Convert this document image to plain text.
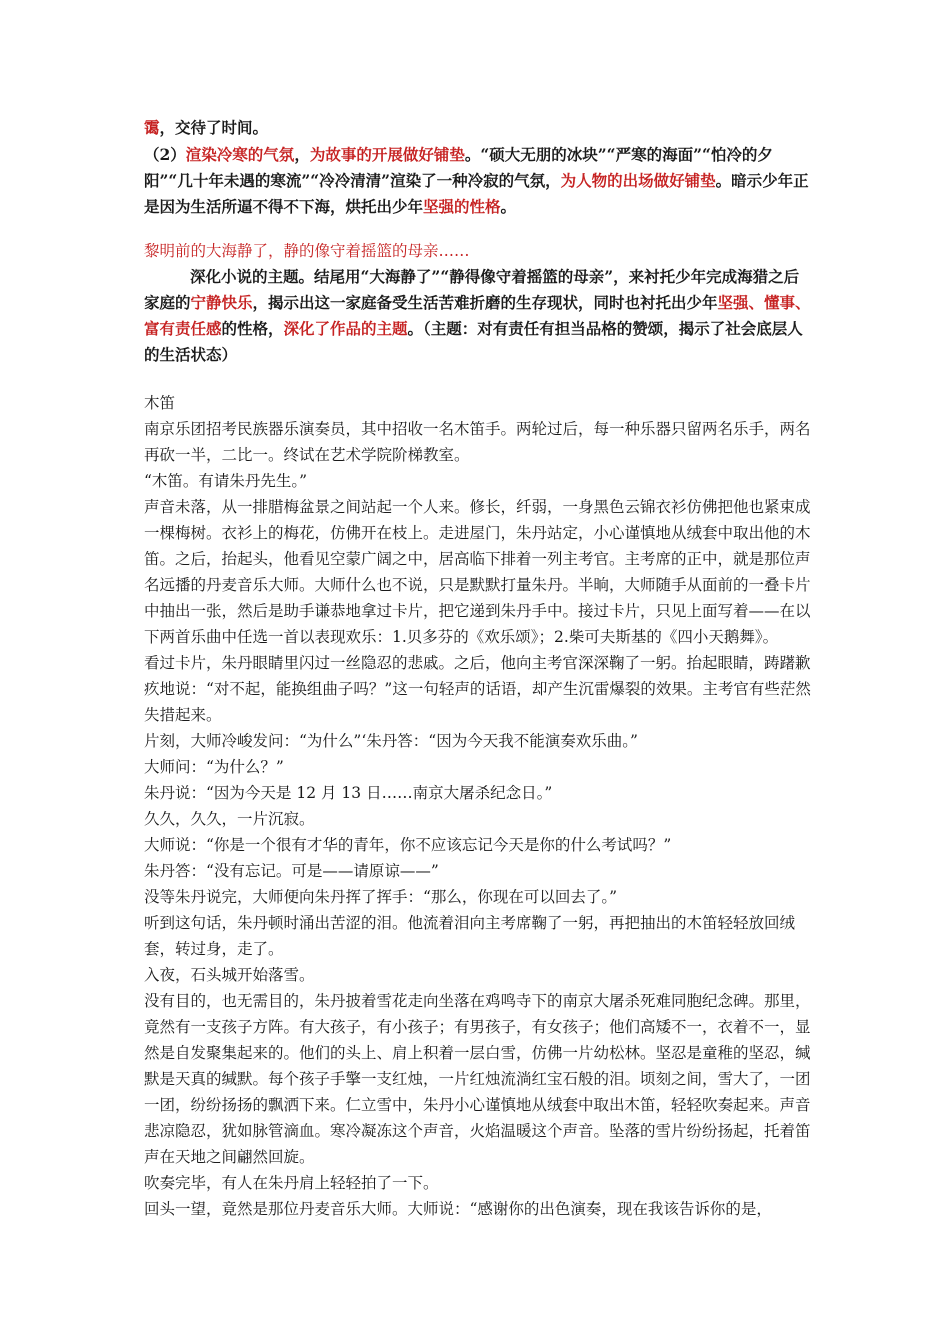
霭，交待了时间。

（2）渲染冷寒的气氛，为故事的开展做好铺垫。“硕大无朋的冰块”“严寒的海面”“怕冷的夕阳”“几十年未遇的寒流”“冷冷清清”渲染了一种冷寂的气氛，为人物的出场做好铺垫。暗示少年正是因为生活所逼不得不下海，烘托出少年坚强的性格。

黎明前的大海静了，静的像守着摇篮的母亲……
深化小说的主题。结尾用“大海静了”“静得像守着摇篮的母亲”，来衬托少年完成海猎之后家庭的宁静快乐，揭示出这一家庭备受生活苦难折磨的生存现状，同时也衬托出少年坚强、懂事、富有责任感的性格，深化了作品的主题。（主题：对有责任有担当品格的赞颂，揭示了社会底层人的生活状态）

木笛

南京乐团招考民族器乐演奏员，其中招收一名木笛手。两轮过后，每一种乐器只留两名乐手，两名再砍一半，二比一。终试在艺术学院阶梯教室。

“木笛。有请朱丹先生。”

声音未落，从一排腊梅盆景之间站起一个人来。修长，纤弱，一身黑色云锦衣衫仿佛把他也紧束成一棵梅树。衣衫上的梅花，仿佛开在枝上。走进屋门，朱丹站定，小心谨慎地从绒套中取出他的木笛。之后，抬起头，他看见空蒙广阔之中，居高临下排着一列主考官。主考席的正中，就是那位声名远播的丹麦音乐大师。大师什么也不说，只是默默打量朱丹。半晌，大师随手从面前的一叠卡片中抽出一张，然后是助手谦恭地拿过卡片，把它递到朱丹手中。接过卡片，只见上面写着——在以下两首乐曲中任选一首以表现欢乐：1.贝多芬的《欢乐颂》；2.柴可夫斯基的《四小天鹅舞》。

看过卡片，朱丹眼睛里闪过一丝隐忍的悲戚。之后，他向主考官深深鞠了一躬。抬起眼睛，踌躇歉疚地说：“对不起，能换组曲子吗？”这一句轻声的话语，却产生沉雷爆裂的效果。主考官有些茫然失措起来。

片刻，大师冷峻发问：“为什么”‘朱丹答：“因为今天我不能演奏欢乐曲。”

大师问：“为什么？”

朱丹说：“因为今天是 12 月 13 日……南京大屠杀纪念日。”

久久，久久，一片沉寂。

大师说：“你是一个很有才华的青年，你不应该忘记今天是你的什么考试吗？”

朱丹答：“没有忘记。可是——请原谅——”

没等朱丹说完，大师便向朱丹挥了挥手：“那么，你现在可以回去了。”

听到这句话，朱丹顿时涌出苦涩的泪。他流着泪向主考席鞠了一躬，再把抽出的木笛轻轻放回绒套，转过身，走了。

入夜，石头城开始落雪。

没有目的，也无需目的，朱丹披着雪花走向坐落在鸡鸣寺下的南京大屠杀死难同胞纪念碑。那里，竟然有一支孩子方阵。有大孩子，有小孩子；有男孩子，有女孩子；他们高矮不一，衣着不一，显然是自发聚集起来的。他们的头上、肩上积着一层白雪，仿佛一片幼松林。坚忍是童稚的坚忍，缄默是天真的缄默。每个孩子手擎一支红烛，一片红烛流淌红宝石般的泪。顷刻之间，雪大了，一团一团，纷纷扬扬的飘洒下来。仁立雪中，朱丹小心谨慎地从绒套中取出木笛，轻轻吹奏起来。声音悲凉隐忍，犹如脉管滴血。寒冷凝冻这个声音，火焰温暖这个声音。坠落的雪片纷纷扬起，托着笛声在天地之间翩然回旋。

吹奏完毕，有人在朱丹肩上轻轻拍了一下。

回头一望，竟然是那位丹麦音乐大师。大师说：“感谢你的出色演奏，现在我该告诉你的是，
